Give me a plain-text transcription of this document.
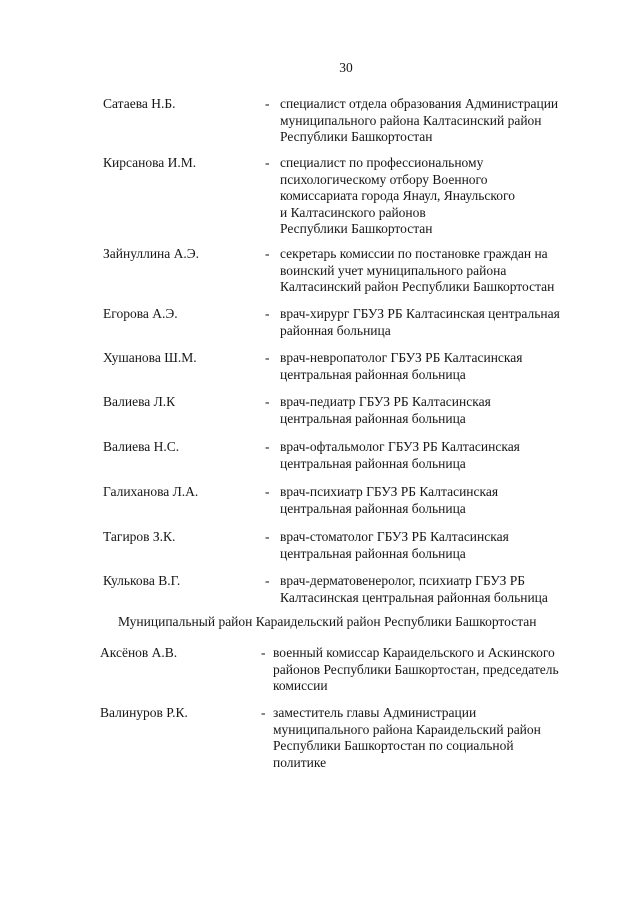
30
Сатаева Н.Б.	- специалист отдела образования Администрации
муниципального района Калтасинский район
Республики Башкортостан
Кирсанова И.М.	- специалист по профессиональному
психологическому отбору Военного
комиссариата города Янаул, Янаульского
и Калтасинского районов
Республики Башкортостан
Зайнуллина А.Э.	- секретарь комиссии по постановке граждан на
воинский учет муниципального района
Калтасинский район Республики Башкортостан
Егорова А.Э.	- врач-хирург ГБУЗ РБ Калтасинская центральная
районная больница
Хушанова Ш.М.	- врач-невропатолог ГБУЗ РБ Калтасинская
центральная районная больница
Валиева Л.К	- врач-педиатр ГБУЗ РБ Калтасинская
центральная районная больница
Валиева Н.С.	- врач-офтальмолог ГБУЗ РБ Калтасинская
центральная районная больница
Галиханова Л.А.	- врач-психиатр ГБУЗ РБ Калтасинская
центральная районная больница
Тагиров З.К.	- врач-стоматолог ГБУЗ РБ Калтасинская
центральная районная больница
Кулькова В.Г.	- врач-дерматовенеролог, психиатр ГБУЗ РБ
Калтасинская центральная районная больница
Муниципальный район Караидельский район Республики Башкортостан
Аксёнов А.В.	- военный комиссар Караидельского и Аскинского
районов Республики Башкортостан, председатель
комиссии
Валинуров Р.К.	- заместитель главы Администрации
муниципального района Караидельский район
Республики Башкортостан по социальной
политике
